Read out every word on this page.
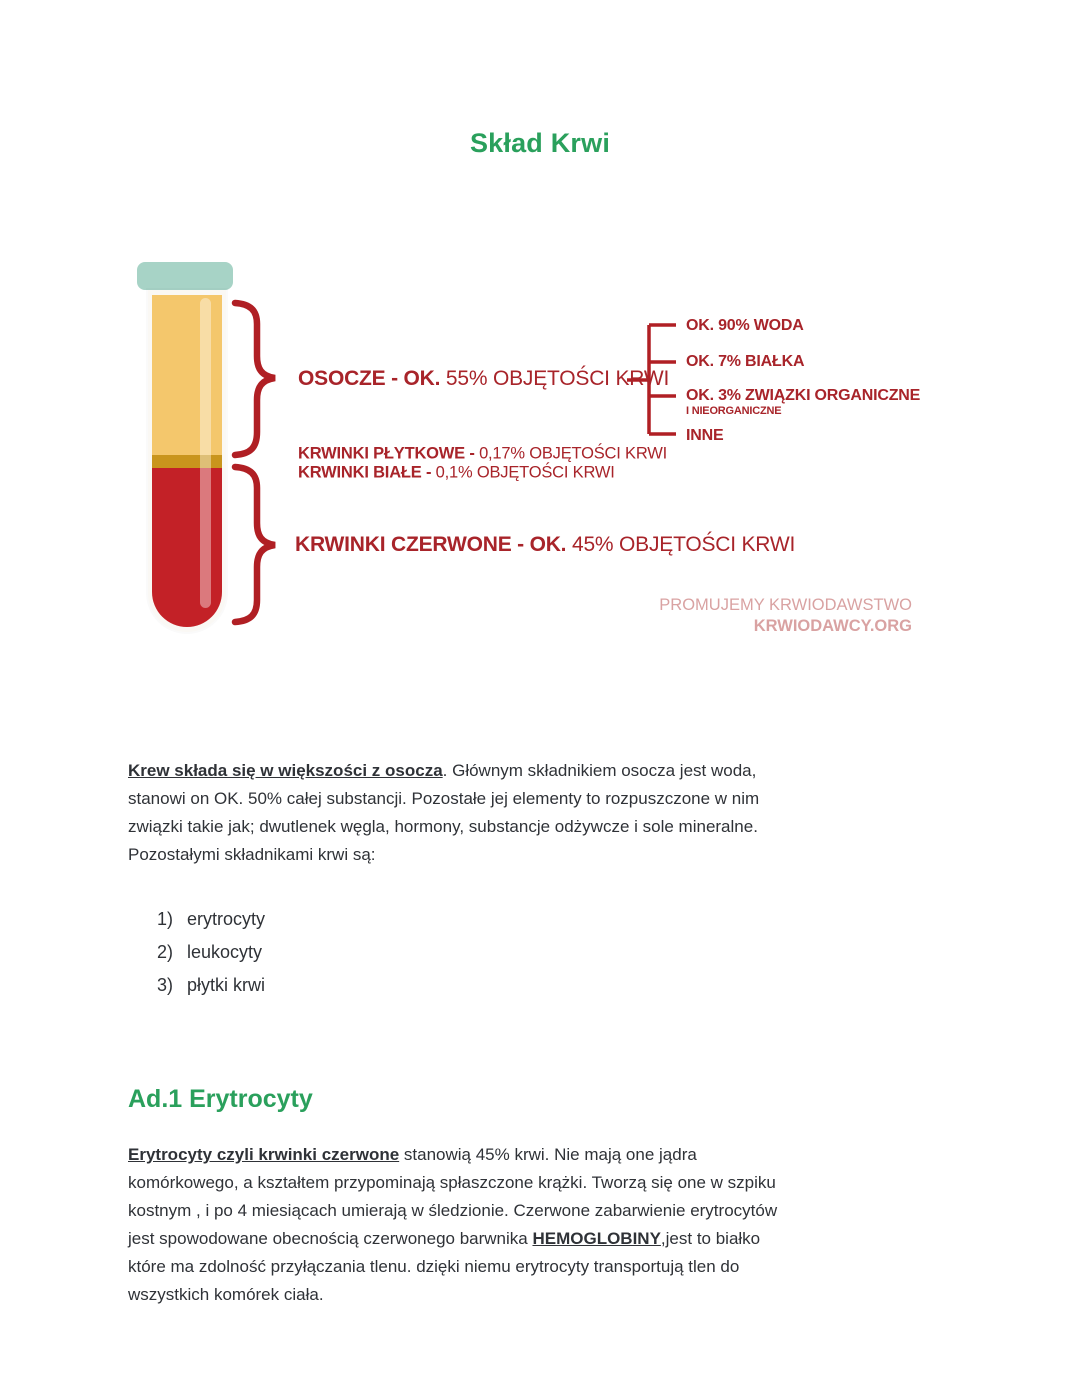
Skład Krwi
OSOCZE - OK. 55% OBJĘTOŚCI KRWI
KRWINKI PŁYTKOWE - 0,17% OBJĘTOŚCI KRWI
KRWINKI BIAŁE - 0,1% OBJĘTOŚCI KRWI
KRWINKI CZERWONE - OK. 45% OBJĘTOŚCI KRWI
OK. 90% WODA
OK. 7% BIAŁKA
OK. 3% ZWIĄZKI ORGANICZNE
I NIEORGANICZNE
INNE
PROMUJEMY KRWIODAWSTWO
KRWIODAWCY.ORG

Krew składa się w większości z osocza. Głównym składnikiem osocza jest woda, stanowi on OK. 50% całej substancji. Pozostałe jej elementy to rozpuszczone w nim związki takie jak; dwutlenek węgla, hormony, substancje odżywcze i sole mineralne. Pozostałymi składnikami krwi są:

1) erytrocyty
2) leukocyty
3) płytki krwi
Ad.1 Erytrocyty

Erytrocyty czyli krwinki czerwone stanowią 45% krwi. Nie mają one jądra komórkowego, a kształtem przypominają spłaszczone krążki. Tworzą się one w szpiku kostnym , i po 4 miesiącach umierają w śledzionie. Czerwone zabarwienie erytrocytów jest spowodowane obecnością czerwonego barwnika HEMOGLOBINY,jest to białko które ma zdolność przyłączania tlenu. dzięki niemu erytrocyty transportują tlen do wszystkich komórek ciała.
